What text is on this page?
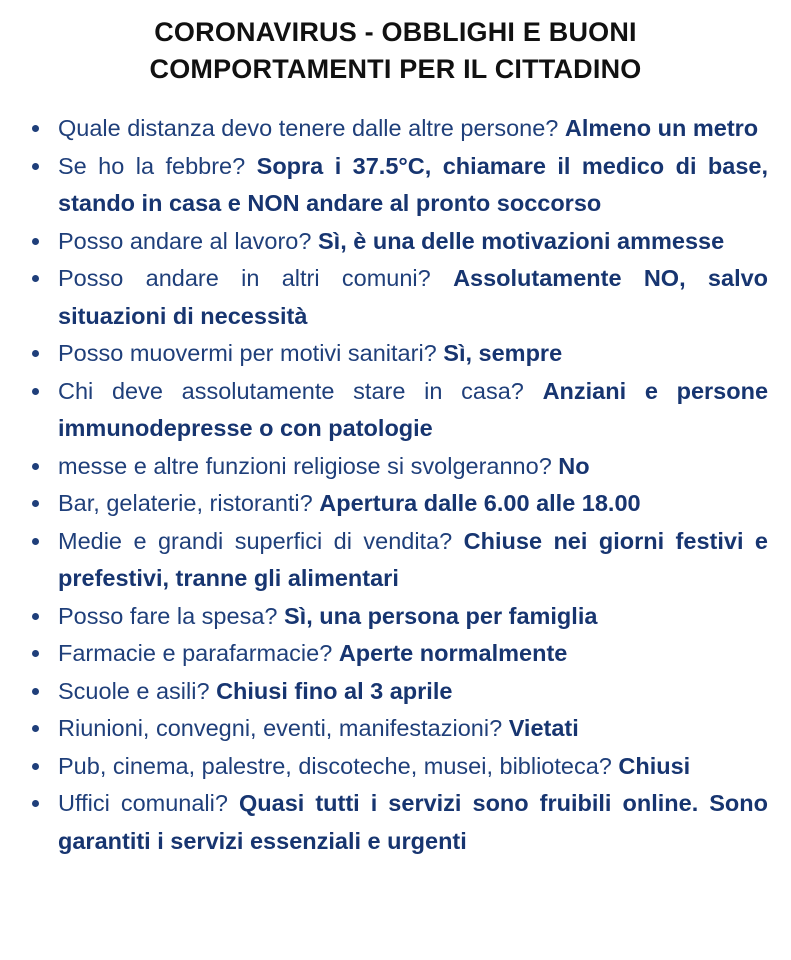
CORONAVIRUS - OBBLIGHI E BUONI
COMPORTAMENTI PER IL CITTADINO
Quale distanza devo tenere dalle altre persone? Almeno un metro
Se ho la febbre? Sopra i 37.5°C, chiamare il medico di base, stando in casa e NON andare al pronto soccorso
Posso andare al lavoro? Sì, è una delle motivazioni ammesse
Posso andare in altri comuni? Assolutamente NO, salvo situazioni di necessità
Posso muovermi per motivi sanitari? Sì, sempre
Chi deve assolutamente stare in casa? Anziani e persone immunodepresse o con patologie
messe e altre funzioni religiose si svolgeranno? No
Bar, gelaterie, ristoranti? Apertura dalle 6.00 alle 18.00
Medie e grandi superfici di vendita? Chiuse nei giorni festivi e prefestivi, tranne gli alimentari
Posso fare la spesa? Sì, una persona per famiglia
Farmacie e parafarmacie? Aperte normalmente
Scuole e asili? Chiusi fino al 3 aprile
Riunioni, convegni, eventi, manifestazioni? Vietati
Pub, cinema, palestre, discoteche, musei, biblioteca? Chiusi
Uffici comunali? Quasi tutti i servizi sono fruibili online. Sono garantiti i servizi essenziali e urgenti
